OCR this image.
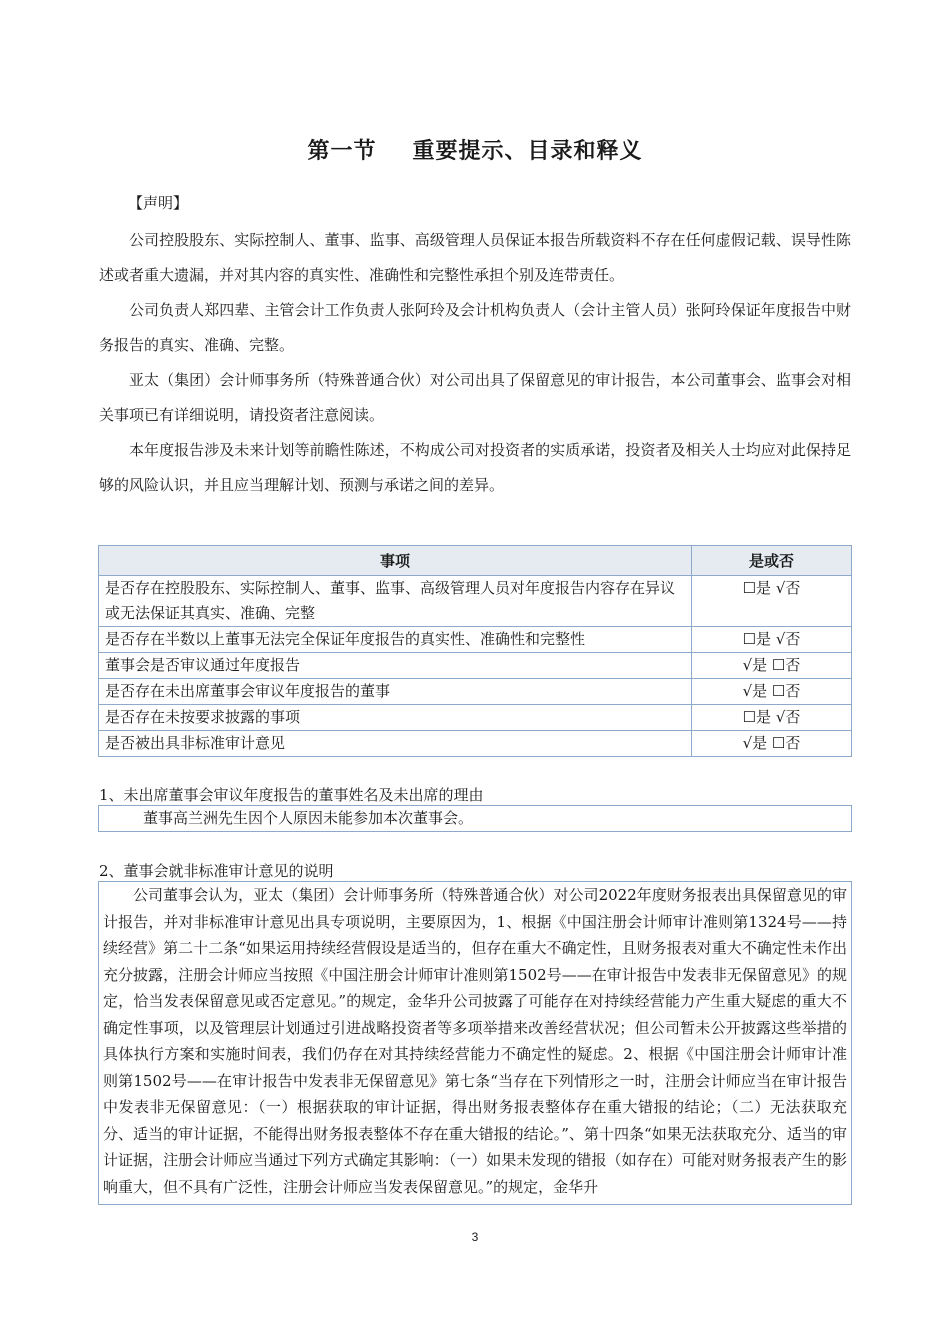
第一节 重要提示、目录和释义
【声明】

公司控股股东、实际控制人、董事、监事、高级管理人员保证本报告所载资料不存在任何虚假记载、误导性陈述或者重大遗漏，并对其内容的真实性、准确性和完整性承担个别及连带责任。

公司负责人郑四辈、主管会计工作负责人张阿玲及会计机构负责人（会计主管人员）张阿玲保证年度报告中财务报告的真实、准确、完整。

亚太（集团）会计师事务所（特殊普通合伙）对公司出具了保留意见的审计报告，本公司董事会、监事会对相关事项已有详细说明，请投资者注意阅读。

本年度报告涉及未来计划等前瞻性陈述，不构成公司对投资者的实质承诺，投资者及相关人士均应对此保持足够的风险认识，并且应当理解计划、预测与承诺之间的差异。

事项	是或否
是否存在控股股东、实际控制人、董事、监事、高级管理人员对年度报告内容存在异议或无法保证其真实、准确、完整	☐是 √否
是否存在半数以上董事无法完全保证年度报告的真实性、准确性和完整性	☐是 √否
董事会是否审议通过年度报告	√是 ☐否
是否存在未出席董事会审议年度报告的董事	√是 ☐否
是否存在未按要求披露的事项	☐是 √否
是否被出具非标准审计意见	√是 ☐否
1、未出席董事会审议年度报告的董事姓名及未出席的理由
董事高兰洲先生因个人原因未能参加本次董事会。
2、董事会就非标准审计意见的说明

公司董事会认为，亚太（集团）会计师事务所（特殊普通合伙）对公司2022年度财务报表出具保留意见的审计报告，并对非标准审计意见出具专项说明，主要原因为，1、根据《中国注册会计师审计准则第1324号——持续经营》第二十二条“如果运用持续经营假设是适当的，但存在重大不确定性，且财务报表对重大不确定性未作出充分披露，注册会计师应当按照《中国注册会计师审计准则第1502号——在审计报告中发表非无保留意见》的规定，恰当发表保留意见或否定意见。”的规定，金华升公司披露了可能存在对持续经营能力产生重大疑虑的重大不确定性事项，以及管理层计划通过引进战略投资者等多项举措来改善经营状况；但公司暂未公开披露这些举措的具体执行方案和实施时间表，我们仍存在对其持续经营能力不确定性的疑虑。2、根据《中国注册会计师审计准则第1502号——在审计报告中发表非无保留意见》第七条“当存在下列情形之一时，注册会计师应当在审计报告中发表非无保留意见：（一）根据获取的审计证据，得出财务报表整体存在重大错报的结论；（二）无法获取充分、适当的审计证据，不能得出财务报表整体不存在重大错报的结论。”、第十四条“如果无法获取充分、适当的审计证据，注册会计师应当通过下列方式确定其影响：（一）如果未发现的错报（如存在）可能对财务报表产生的影响重大，但不具有广泛性，注册会计师应当发表保留意见。”的规定，金华升

3
